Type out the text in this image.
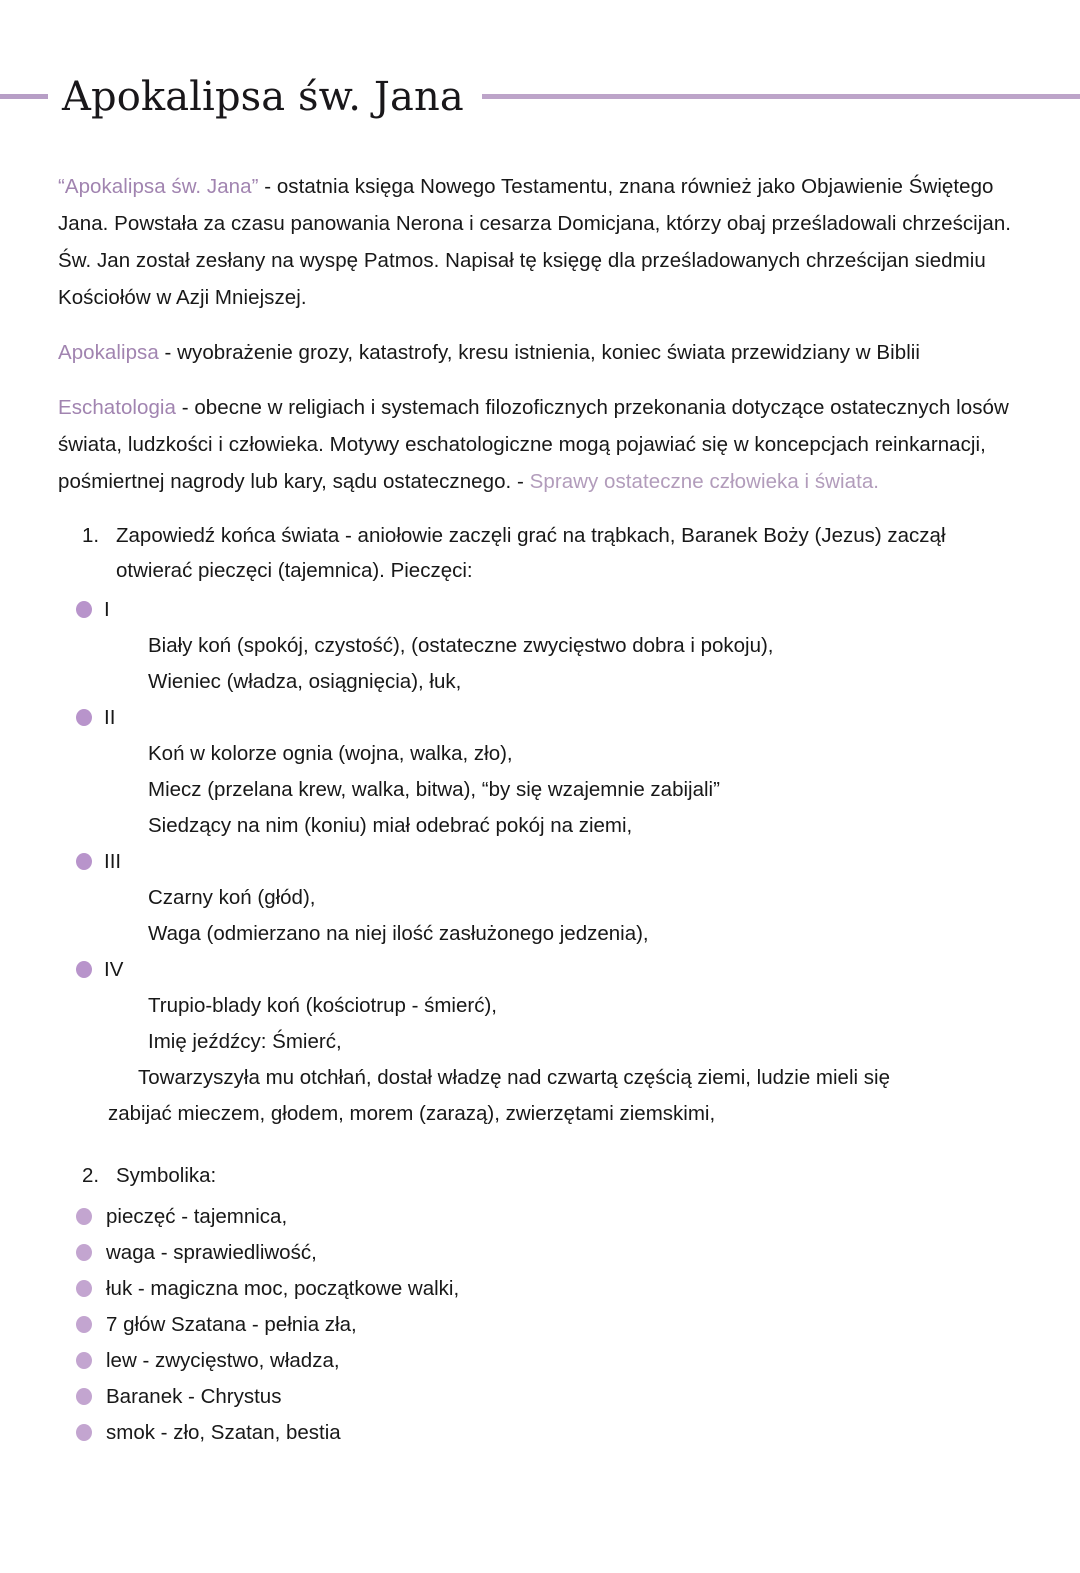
Apokalipsa św. Jana

“Apokalipsa św. Jana” - ostatnia księga Nowego Testamentu, znana również jako Objawienie Świętego Jana. Powstała za czasu panowania Nerona i cesarza Domicjana, którzy obaj prześladowali chrześcijan. Św. Jan został zesłany na wyspę Patmos. Napisał tę księgę dla prześladowanych chrześcijan siedmiu Kościołów w Azji Mniejszej.

Apokalipsa - wyobrażenie grozy, katastrofy, kresu istnienia, koniec świata przewidziany w Biblii

Eschatologia - obecne w religiach i systemach filozoficznych przekonania dotyczące ostatecznych losów świata, ludzkości i człowieka. Motywy eschatologiczne mogą pojawiać się w koncepcjach reinkarnacji, pośmiertnej nagrody lub kary, sądu ostatecznego. - Sprawy ostateczne człowieka i świata.

1. Zapowiedź końca świata - aniołowie zaczęli grać na trąbkach, Baranek Boży (Jezus) zaczął otwierać pieczęci (tajemnica). Pieczęci:
I
Biały koń (spokój, czystość), (ostateczne zwycięstwo dobra i pokoju),
Wieniec (władza, osiągnięcia), łuk,
II
Koń w kolorze ognia (wojna, walka, zło),
Miecz (przelana krew, walka, bitwa), “by się wzajemnie zabijali”
Siedzący na nim (koniu) miał odebrać pokój na ziemi,
III
Czarny koń (głód),
Waga (odmierzano na niej ilość zasłużonego jedzenia),
IV
Trupio-blady koń (kościotrup - śmierć),
Imię jeźdźcy: Śmierć,
Towarzyszyła mu otchłań, dostał władzę nad czwartą częścią ziemi, ludzie mieli się
zabijać mieczem, głodem, morem (zarazą), zwierzętami ziemskimi,
2. Symbolika:
pieczęć - tajemnica,
waga - sprawiedliwość,
łuk - magiczna moc, początkowe walki,
7 głów Szatana - pełnia zła,
lew - zwycięstwo, władza,
Baranek - Chrystus
smok - zło, Szatan, bestia
